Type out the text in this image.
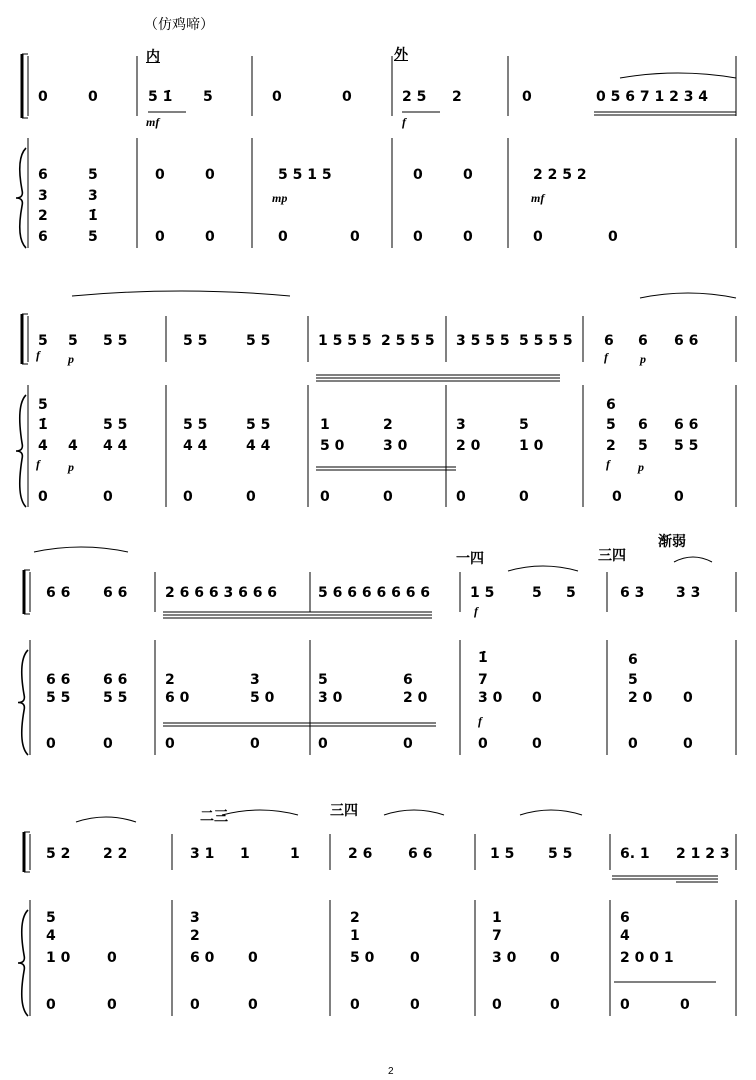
（仿鸡啼）
内	外
一四	三四
渐弱
二三	三四
mf	f
mp	mf
f p
f p
f	p
f p
f
f
0	0	5 1̇ 5	0	0	2 5 2	0	0 5 6 7 1 2 3 4
6
3
2
6
5
3
1̇
5
0	0	5 5 1 5	0	0	2 2 5 2
0	0	0	0	0	0	0	0
5 5 5 5	5 5	5 5	1 5 5 5 2 5 5 5 3 5 5 5 5 5 5 5 6 6 6 6
5
1̇
4 4
5 5
4 4
5 5
4 4
5 5
4 4
1
5 0
2
3 0
3
2 0
5
1 0
6
5
2
6
5
6 6
5 5
0	0	0	0	0	0	0	0	0	0
6 6 6 6	2 6 6 6 3 6 6 6	5 6 6 6 6 6 6 6	1 5	5 5	6 3 3 3
6 6
5 5
6 6
5 5
2
6 0
3
5 0
5
3 0
6
2 0
1̇
7
3 0 0
6
5
2 0 0
0	0	0	0	0	0	0	0	0	0
5 2 2 2	3 1 1	1	2 6	6 6	1 5 5 5	6. 1 2 1 2 3
5
4
1 0	0
3
2
6 0 0
2
1
5 0	0
1
7
3 0 0
6
4
2 0 0 1
0	0	0	0	0	0	0	0	0	0
2
